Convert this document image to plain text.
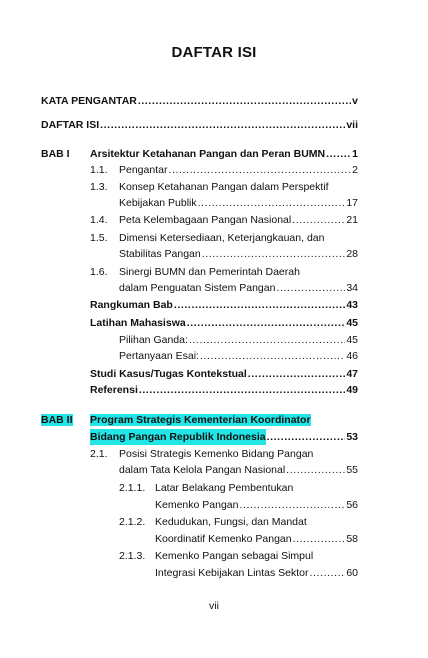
DAFTAR ISI
KATA PENGANTAR .....	v
DAFTAR ISI .....	vii
BAB I Arsitektur Ketahanan Pangan dan Peran BUMN .....	1
1.1. Pengantar .....	2
1.3. Konsep Ketahanan Pangan dalam Perspektif
Kebijakan Publik .....	17
1.4. Peta Kelembagaan Pangan Nasional .....	21
1.5. Dimensi Ketersediaan, Keterjangkauan, dan
Stabilitas Pangan .....	28
1.6. Sinergi BUMN dan Pemerintah Daerah
dalam Penguatan Sistem Pangan .....	34
Rangkuman Bab .....	43
Latihan Mahasiswa .....	45
Pilihan Ganda: .....	45
Pertanyaan Esai: .....	46
Studi Kasus/Tugas Kontekstual .....	47
Referensi .....	49
BAB II Program Strategis Kementerian Koordinator
Bidang Pangan Republik Indonesia .....	53
2.1. Posisi Strategis Kemenko Bidang Pangan
dalam Tata Kelola Pangan Nasional .....	55
2.1.1. Latar Belakang Pembentukan
Kemenko Pangan .....	56
2.1.2. Kedudukan, Fungsi, dan Mandat
Koordinatif Kemenko Pangan .....	58
2.1.3. Kemenko Pangan sebagai Simpul
Integrasi Kebijakan Lintas Sektor .....	60
vii
